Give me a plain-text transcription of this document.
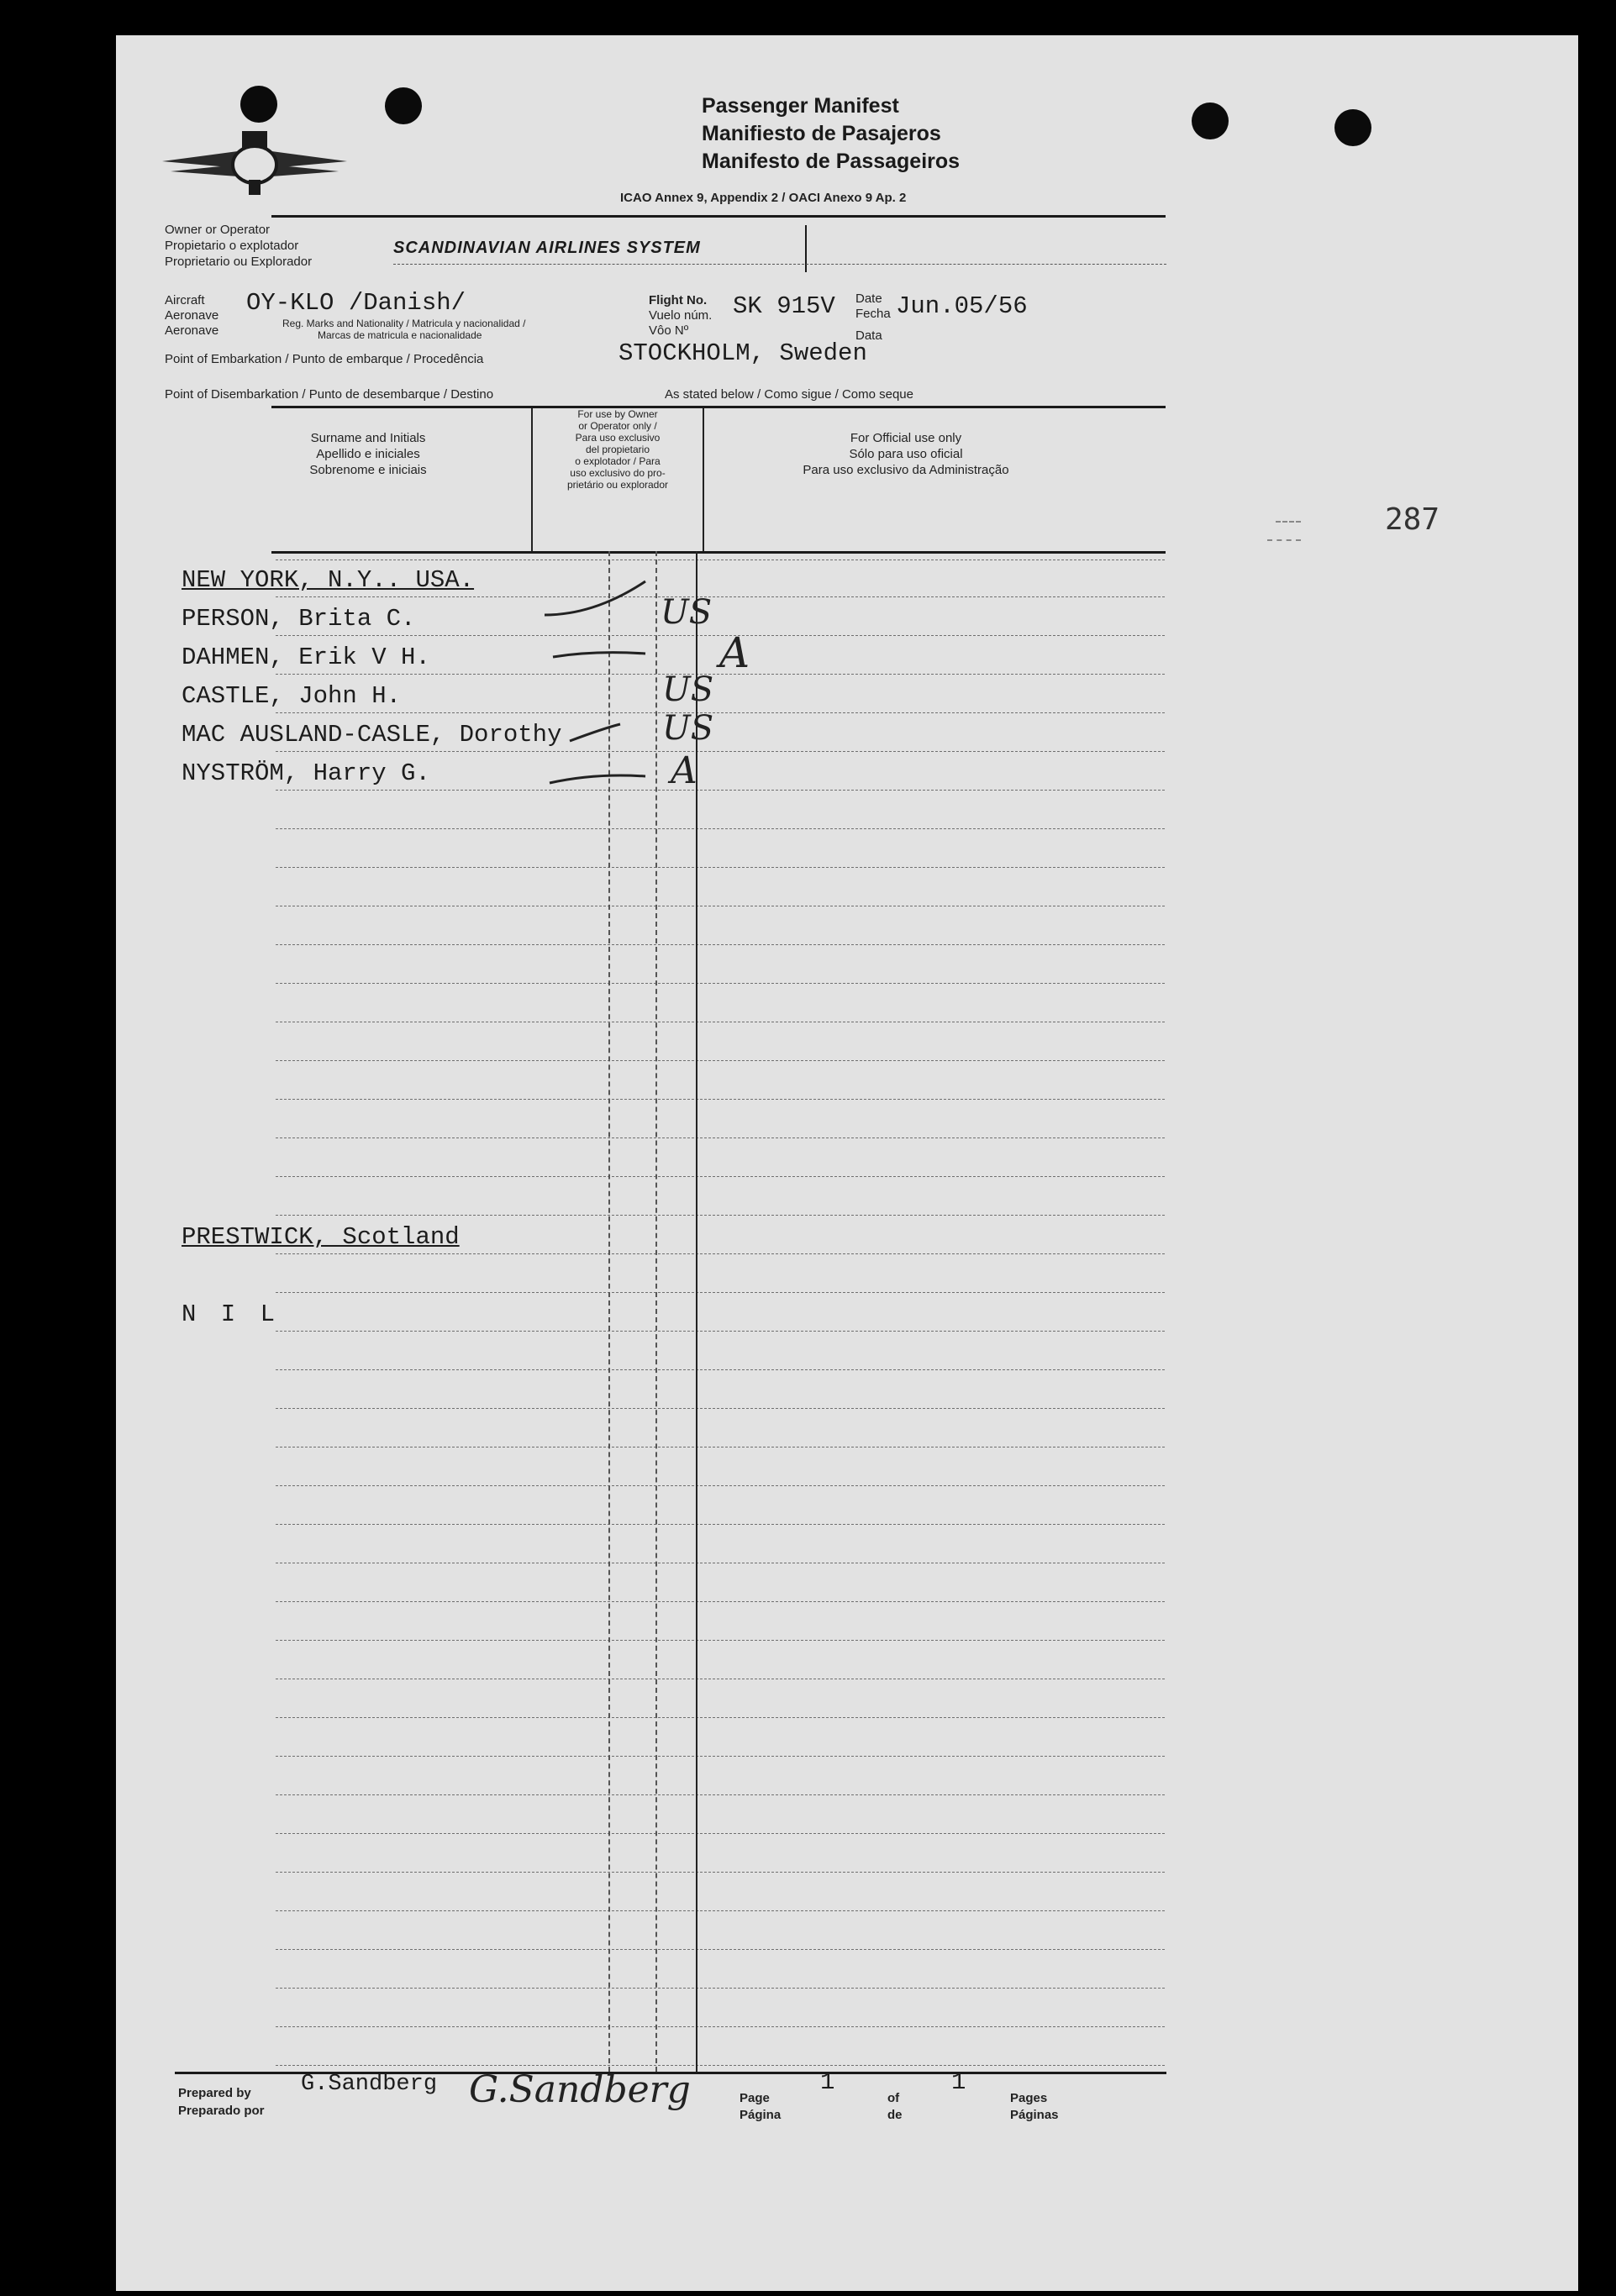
Passenger Manifest
Manifiesto de Pasajeros
Manifesto de Passageiros
ICAO Annex 9, Appendix 2 / OACI Anexo 9 Ap. 2
Owner or Operator
Propietario o explotador
Proprietario ou Explorador
SCANDINAVIAN AIRLINES SYSTEM
Aircraft
Aeronave
Aeronave
OY-KLO /Danish/
Reg. Marks and Nationality / Matricula y nacionalidad /
Marcas de matricula e nacionalidade
Flight No.
Vuelo núm.
Vôo Nº
SK 915V Date
Fecha
Data
Jun.05/56
Point of Embarkation / Punto de embarque / Procedência	STOCKHOLM, Sweden
Point of Disembarkation / Punto de desembarque / Destino	As stated below / Como sigue / Como seque
Surname and Initials
Apellido e iniciales
Sobrenome e iniciais
For use by Owner
or Operator only /
Para uso exclusivo
del propietario
o explotador / Para
uso exclusivo do pro-
prietário ou explorador
For Official use only
Sólo para uso oficial
Para uso exclusivo da Administração
287
NEW YORK, N.Y.. USA.
PERSON, Brita C.	US
DAHMEN, Erik V H.	A
CASTLE, John H.	US
MAC AUSLAND-CASLE, Dorothy	US
NYSTRÖM, Harry G.	A
PRESTWICK, Scotland
N I L
Prepared by
Preparado por
G.Sandberg G.Sandberg	Page
Página
1
of
de
1
Pages
Páginas
